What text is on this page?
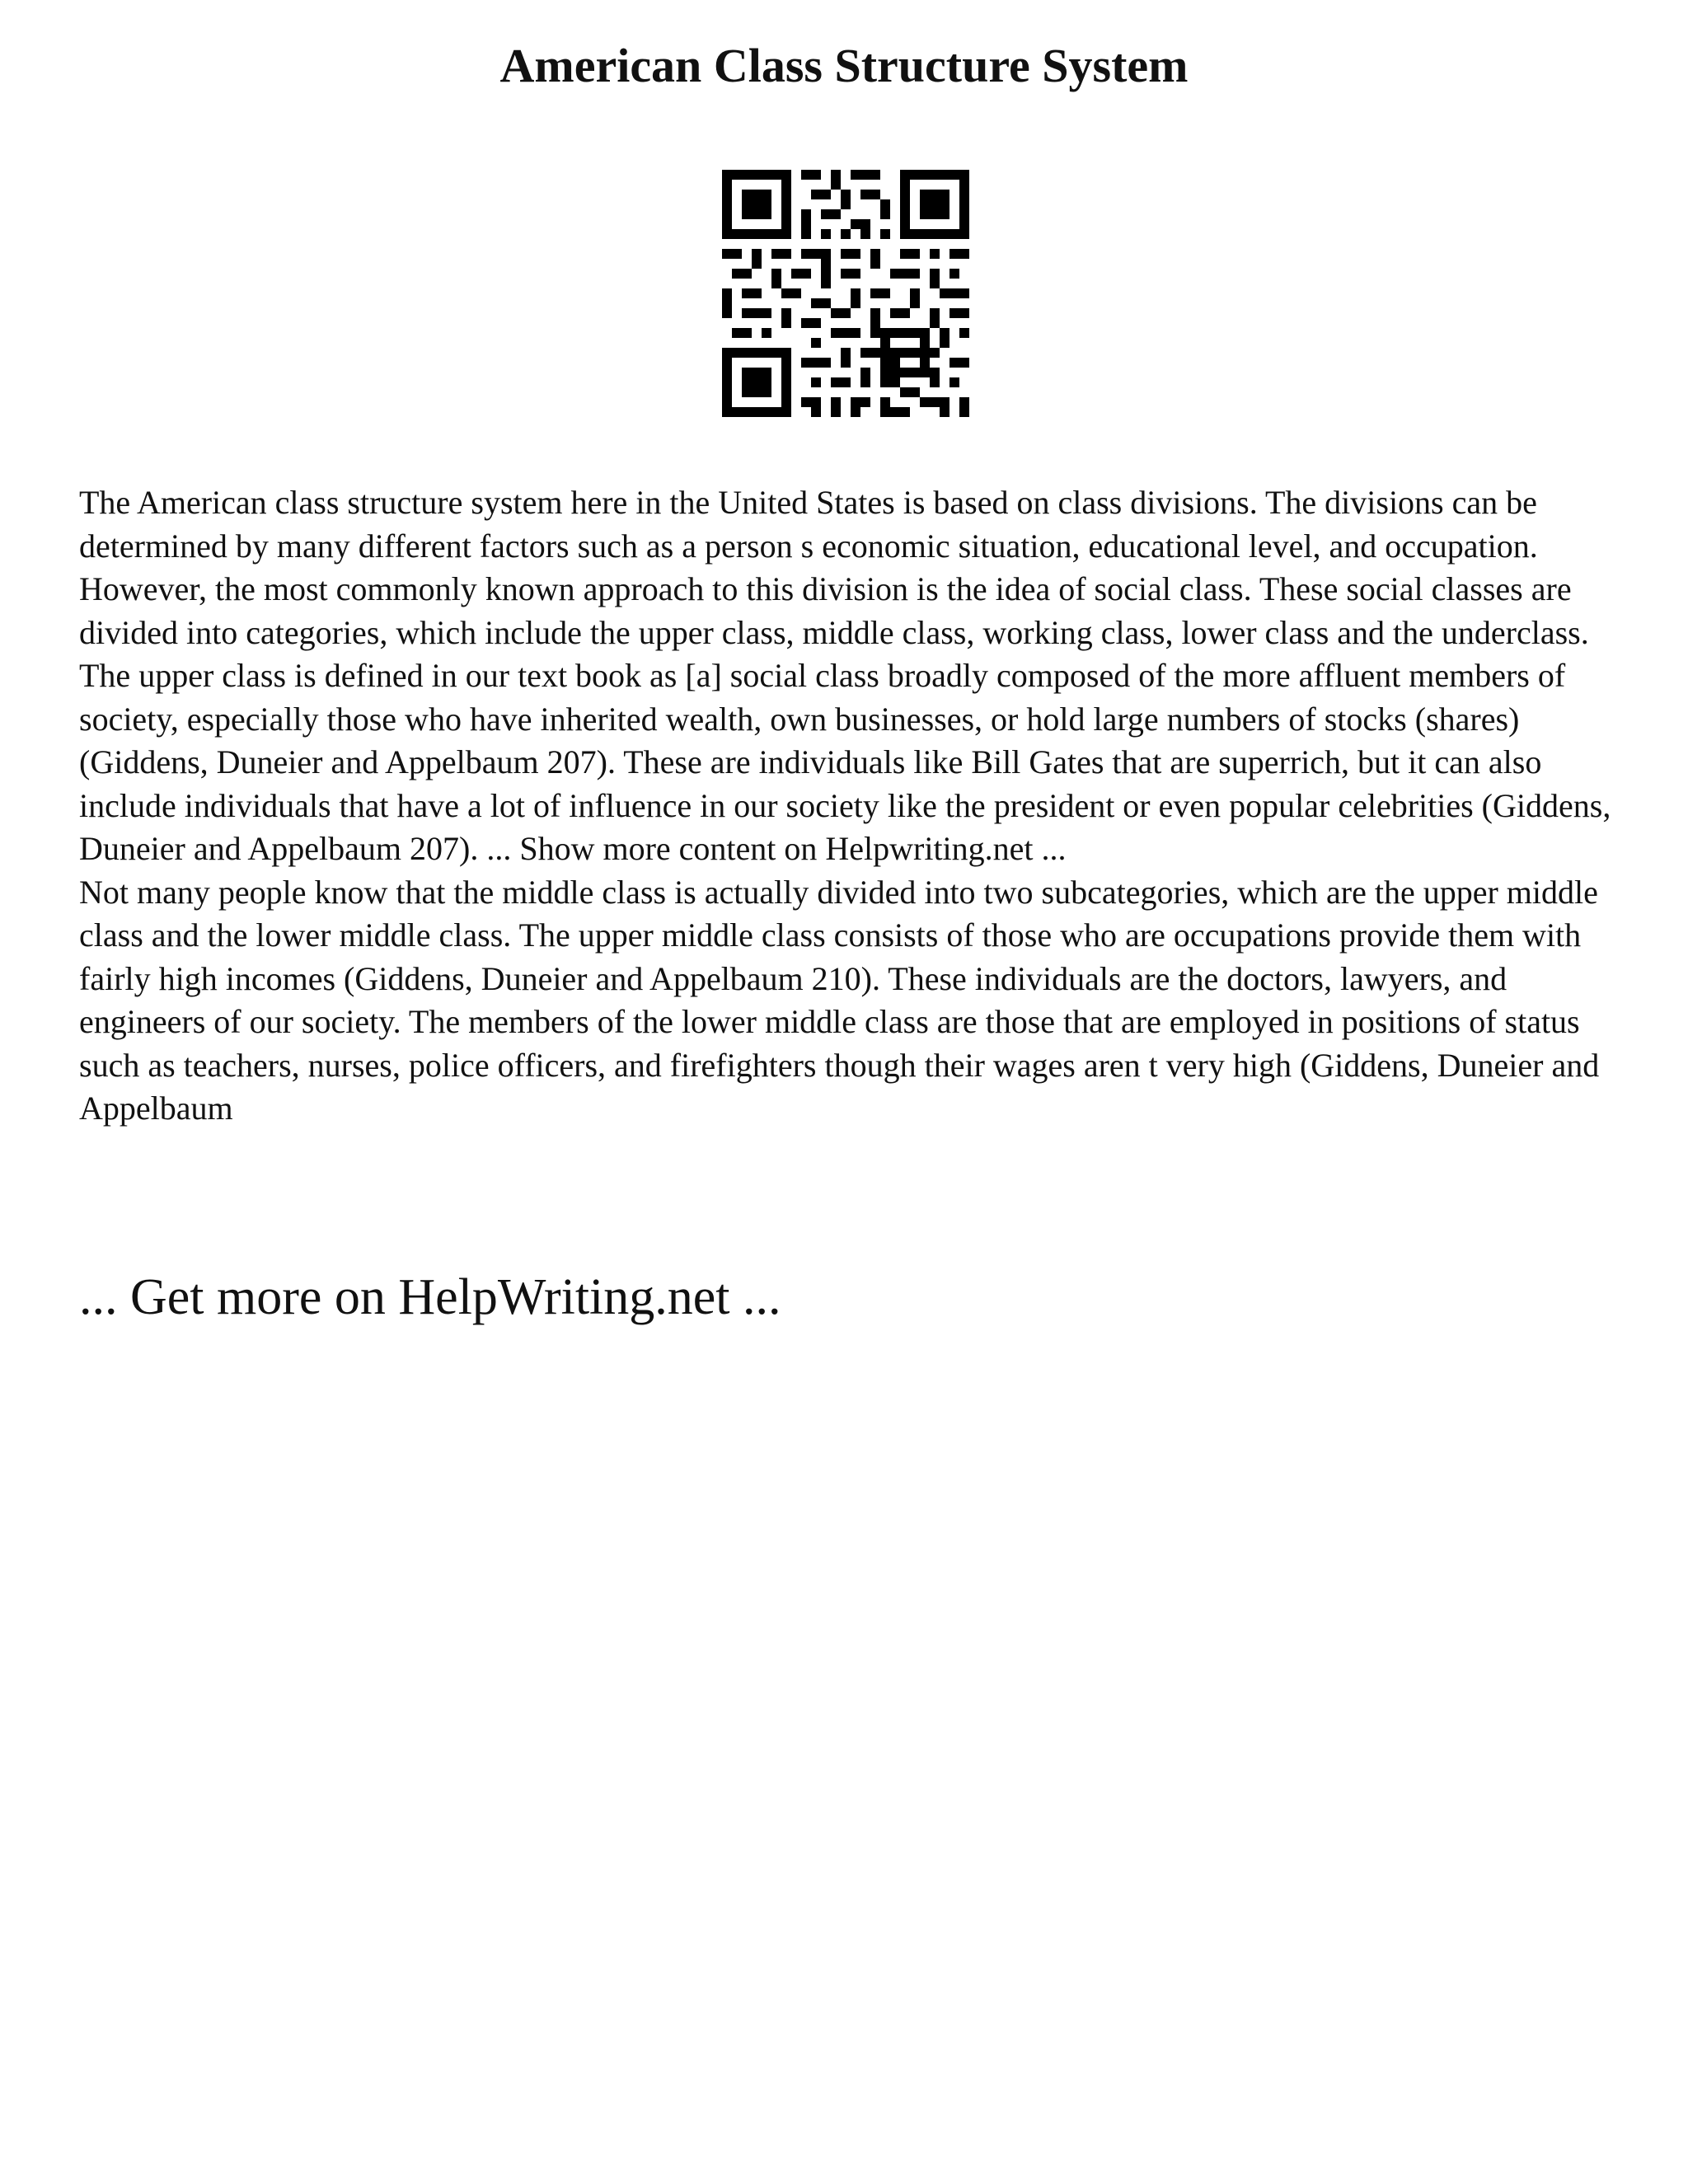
American Class Structure System

The American class structure system here in the United States is based on class divisions. The divisions can be determined by many different factors such as a person s economic situation, educational level, and occupation. However, the most commonly known approach to this division is the idea of social class. These social classes are divided into categories, which include the upper class, middle class, working class, lower class and the underclass.

The upper class is defined in our text book as [a] social class broadly composed of the more affluent members of society, especially those who have inherited wealth, own businesses, or hold large numbers of stocks (shares) (Giddens, Duneier and Appelbaum 207). These are individuals like Bill Gates that are superrich, but it can also include individuals that have a lot of influence in our society like the president or even popular celebrities (Giddens, Duneier and Appelbaum 207). ... Show more content on Helpwriting.net ...

Not many people know that the middle class is actually divided into two subcategories, which are the upper middle class and the lower middle class. The upper middle class consists of those who are occupations provide them with fairly high incomes (Giddens, Duneier and Appelbaum 210). These individuals are the doctors, lawyers, and engineers of our society. The members of the lower middle class are those that are employed in positions of status such as teachers, nurses, police officers, and firefighters though their wages aren t very high (Giddens, Duneier and Appelbaum

... Get more on HelpWriting.net ...
